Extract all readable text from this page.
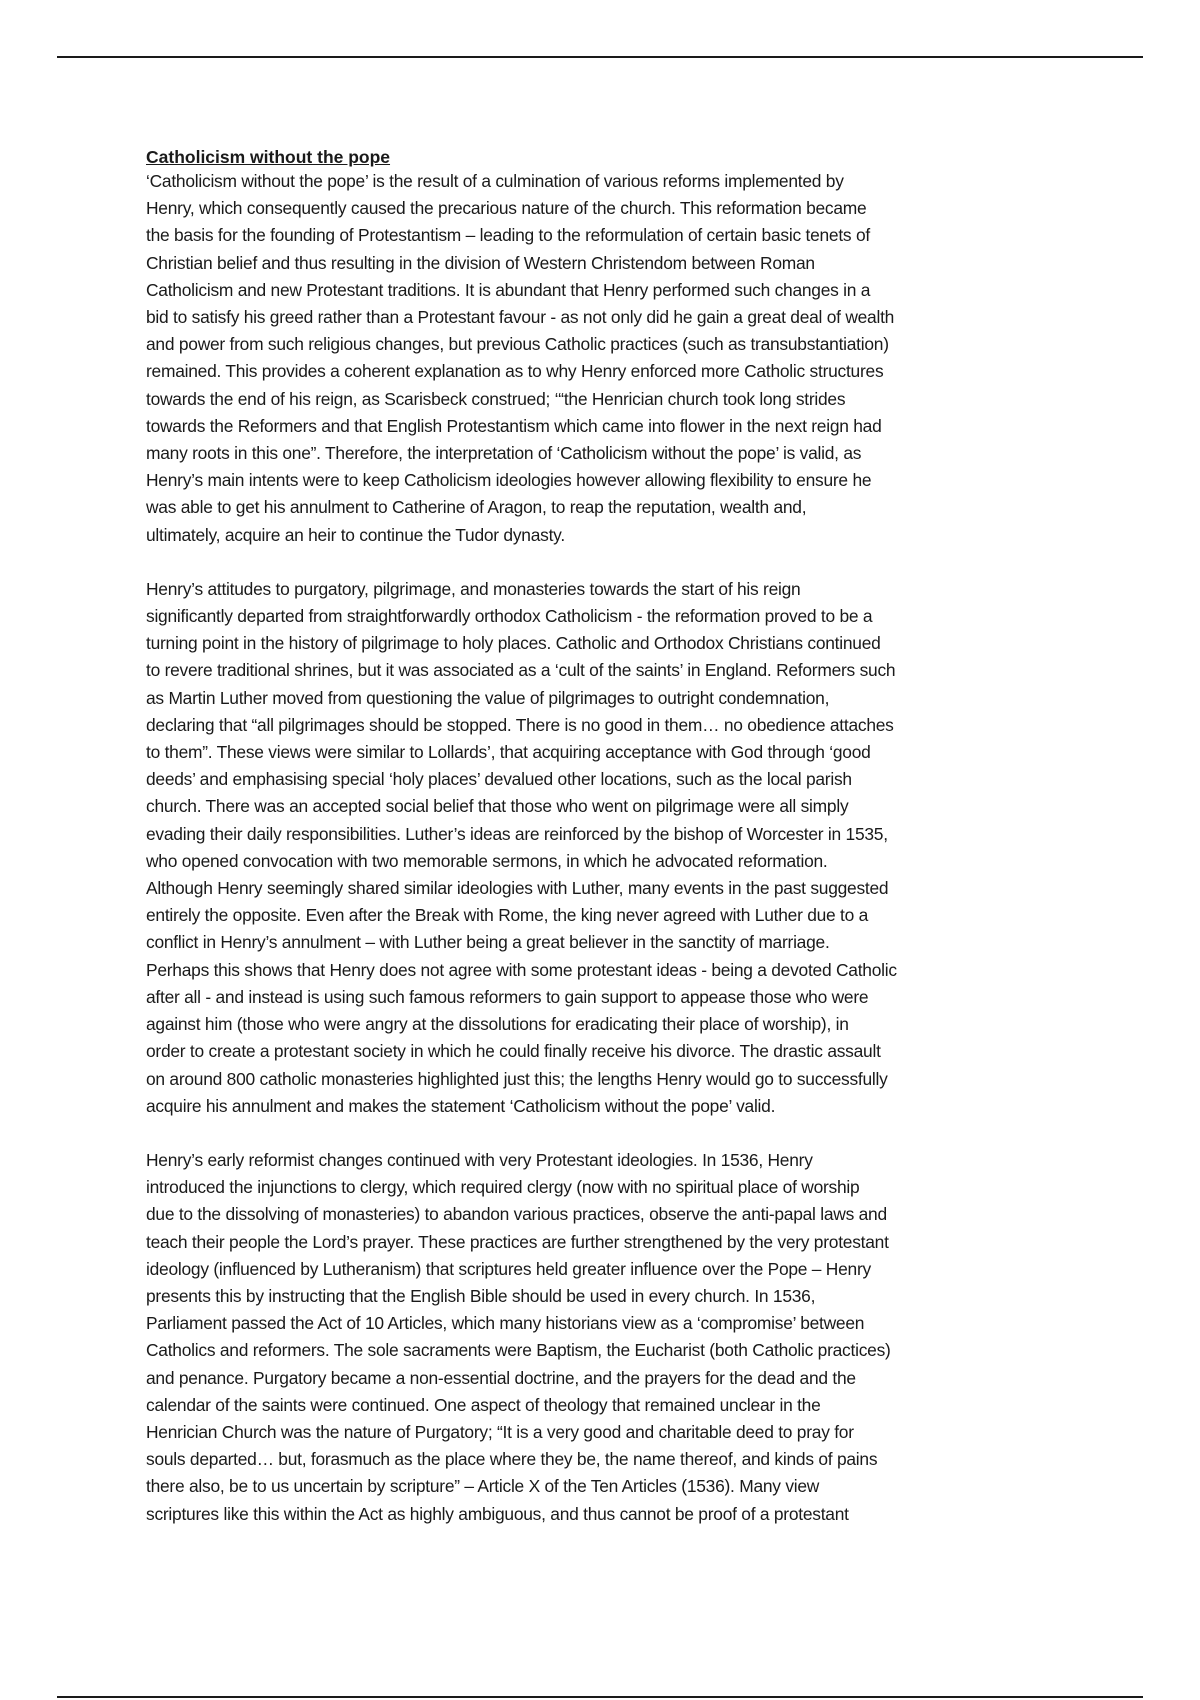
Catholicism without the pope

‘Catholicism without the pope’ is the result of a culmination of various reforms implemented by
Henry, which consequently caused the precarious nature of the church. This reformation became
the basis for the founding of Protestantism – leading to the reformulation of certain basic tenets of
Christian belief and thus resulting in the division of Western Christendom between Roman
Catholicism and new Protestant traditions. It is abundant that Henry performed such changes in a
bid to satisfy his greed rather than a Protestant favour - as not only did he gain a great deal of wealth
and power from such religious changes, but previous Catholic practices (such as transubstantiation)
remained. This provides a coherent explanation as to why Henry enforced more Catholic structures
towards the end of his reign, as Scarisbeck construed; ‘“the Henrician church took long strides
towards the Reformers and that English Protestantism which came into flower in the next reign had
many roots in this one”. Therefore, the interpretation of ‘Catholicism without the pope’ is valid, as
Henry’s main intents were to keep Catholicism ideologies however allowing flexibility to ensure he
was able to get his annulment to Catherine of Aragon, to reap the reputation, wealth and,
ultimately, acquire an heir to continue the Tudor dynasty.

Henry’s attitudes to purgatory, pilgrimage, and monasteries towards the start of his reign
significantly departed from straightforwardly orthodox Catholicism - the reformation proved to be a
turning point in the history of pilgrimage to holy places. Catholic and Orthodox Christians continued
to revere traditional shrines, but it was associated as a ‘cult of the saints’ in England. Reformers such
as Martin Luther moved from questioning the value of pilgrimages to outright condemnation,
declaring that “all pilgrimages should be stopped. There is no good in them… no obedience attaches
to them”. These views were similar to Lollards’, that acquiring acceptance with God through ‘good
deeds’ and emphasising special ‘holy places’ devalued other locations, such as the local parish
church. There was an accepted social belief that those who went on pilgrimage were all simply
evading their daily responsibilities. Luther’s ideas are reinforced by the bishop of Worcester in 1535,
who opened convocation with two memorable sermons, in which he advocated reformation.
Although Henry seemingly shared similar ideologies with Luther, many events in the past suggested
entirely the opposite. Even after the Break with Rome, the king never agreed with Luther due to a
conflict in Henry’s annulment – with Luther being a great believer in the sanctity of marriage.
Perhaps this shows that Henry does not agree with some protestant ideas - being a devoted Catholic
after all - and instead is using such famous reformers to gain support to appease those who were
against him (those who were angry at the dissolutions for eradicating their place of worship), in
order to create a protestant society in which he could finally receive his divorce. The drastic assault
on around 800 catholic monasteries highlighted just this; the lengths Henry would go to successfully
acquire his annulment and makes the statement ‘Catholicism without the pope’ valid.

Henry’s early reformist changes continued with very Protestant ideologies. In 1536, Henry
introduced the injunctions to clergy, which required clergy (now with no spiritual place of worship
due to the dissolving of monasteries) to abandon various practices, observe the anti-papal laws and
teach their people the Lord’s prayer. These practices are further strengthened by the very protestant
ideology (influenced by Lutheranism) that scriptures held greater influence over the Pope – Henry
presents this by instructing that the English Bible should be used in every church. In 1536,
Parliament passed the Act of 10 Articles, which many historians view as a ‘compromise’ between
Catholics and reformers. The sole sacraments were Baptism, the Eucharist (both Catholic practices)
and penance. Purgatory became a non-essential doctrine, and the prayers for the dead and the
calendar of the saints were continued. One aspect of theology that remained unclear in the
Henrician Church was the nature of Purgatory; “It is a very good and charitable deed to pray for
souls departed… but, forasmuch as the place where they be, the name thereof, and kinds of pains
there also, be to us uncertain by scripture” – Article X of the Ten Articles (1536). Many view
scriptures like this within the Act as highly ambiguous, and thus cannot be proof of a protestant
